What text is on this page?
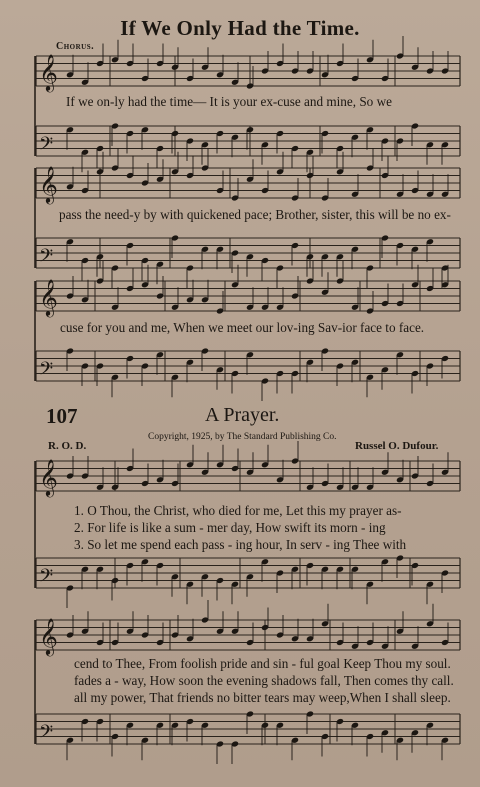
𝄞
𝄢
𝄞
𝄢
𝄞
𝄢
𝄞
𝄢
𝄞
𝄢
If We Only Had the Time.
Chorus.
If we on-ly had the time— It is your ex-cuse and mine, So we
pass the need-y by with quickened pace; Brother, sister, this will be no ex-
cuse for you and me, When we meet our lov-ing Sav-ior face to face.
107	A Prayer.
Copyright, 1925, by The Standard Publishing Co.
R. O. D.	Russel O. Dufour.
1. O Thou, the Christ, who died for me, Let this my prayer as-
2. For life is like a sum - mer day, How swift its morn - ing
3. So let me spend each pass - ing hour, In serv - ing Thee with
cend to Thee, From foolish pride and sin - ful goal Keep Thou my soul.
fades a - way, How soon the evening shadows fall, Then comes thy call.
all my power, That friends no bitter tears may weep,When I shall sleep.
